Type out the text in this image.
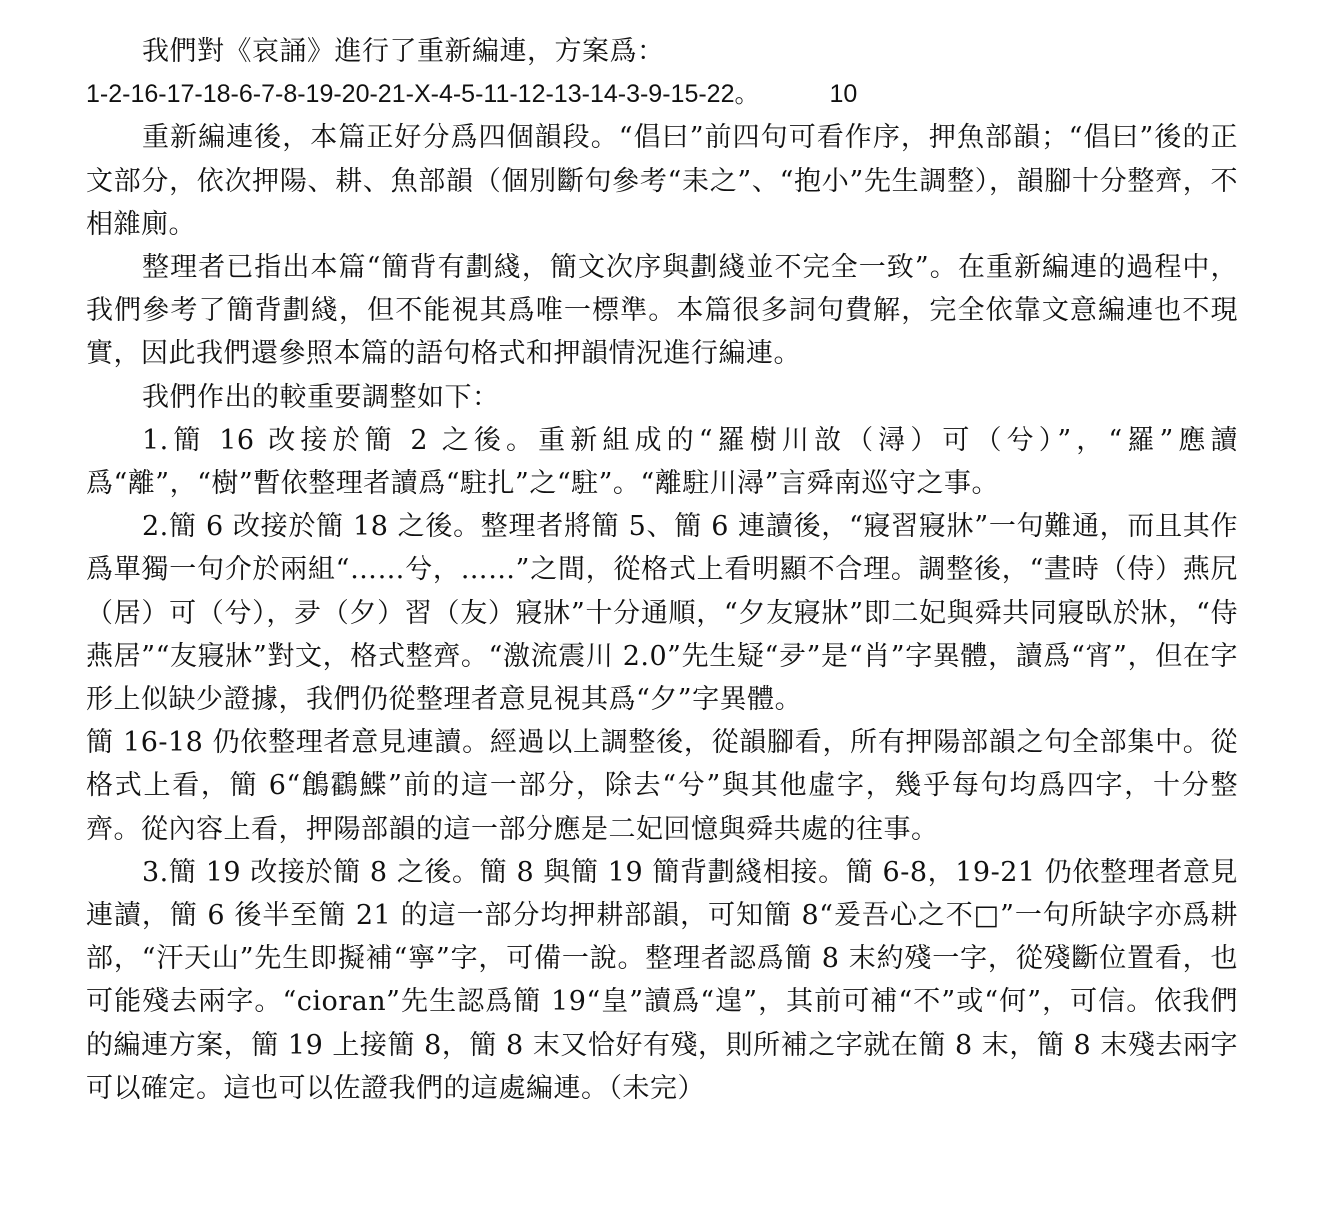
我們對《哀誦》進行了重新編連，方案爲：

1-2-16-17-18-6-7-8-19-20-21-X-4-5-11-12-13-14-3-9-15-22。	10

重新編連後，本篇正好分爲四個韻段。“倡曰”前四句可看作序，押魚部韻；“倡曰”後的正文部分，依次押陽、耕、魚部韻（個別斷句參考“耒之”、“抱小”先生調整），韻腳十分整齊，不相雜廁。

整理者已指出本篇“簡背有劃綫，簡文次序與劃綫並不完全一致”。在重新編連的過程中，我們參考了簡背劃綫，但不能視其爲唯一標準。本篇很多詞句費解，完全依靠文意編連也不現實，因此我們還參照本篇的語句格式和押韻情況進行編連。

我們作出的較重要調整如下：

1.簡 16 改接於簡 2 之後。重新組成的“羅樹川敨（潯）可（兮）”，“羅”應讀爲“離”，“樹”暫依整理者讀爲“駐扎”之“駐”。“離駐川潯”言舜南巡守之事。

2.簡 6 改接於簡 18 之後。整理者將簡 5、簡 6 連讀後，“寢習寢牀”一句難通，而且其作爲單獨一句介於兩組“……兮，……”之間，從格式上看明顯不合理。調整後，“晝時（侍）燕凥（居）可（兮），夛（夕）習（友）寢牀”十分通順，“夕友寢牀”即二妃與舜共同寢臥於牀，“侍燕居”“友寢牀”對文，格式整齊。“激流震川 2.0”先生疑“夛”是“肖”字異體，讀爲“宵”，但在字形上似缺少證據，我們仍從整理者意見視其爲“夕”字異體。

簡 16-18 仍依整理者意見連讀。經過以上調整後，從韻腳看，所有押陽部韻之句全部集中。從格式上看，簡 6“鶬鸖鰈”前的這一部分，除去“兮”與其他虛字，幾乎每句均爲四字，十分整齊。從內容上看，押陽部韻的這一部分應是二妃回憶與舜共處的往事。

3.簡 19 改接於簡 8 之後。簡 8 與簡 19 簡背劃綫相接。簡 6-8，19-21 仍依整理者意見連讀，簡 6 後半至簡 21 的這一部分均押耕部韻，可知簡 8“爰吾心之不□”一句所缺字亦爲耕部，“汗天山”先生即擬補“寧”字，可備一說。整理者認爲簡 8 末約殘一字，從殘斷位置看，也可能殘去兩字。“cioran”先生認爲簡 19“皇”讀爲“遑”，其前可補“不”或“何”，可信。依我們的編連方案，簡 19 上接簡 8，簡 8 末又恰好有殘，則所補之字就在簡 8 末，簡 8 末殘去兩字可以確定。這也可以佐證我們的這處編連。（未完）
